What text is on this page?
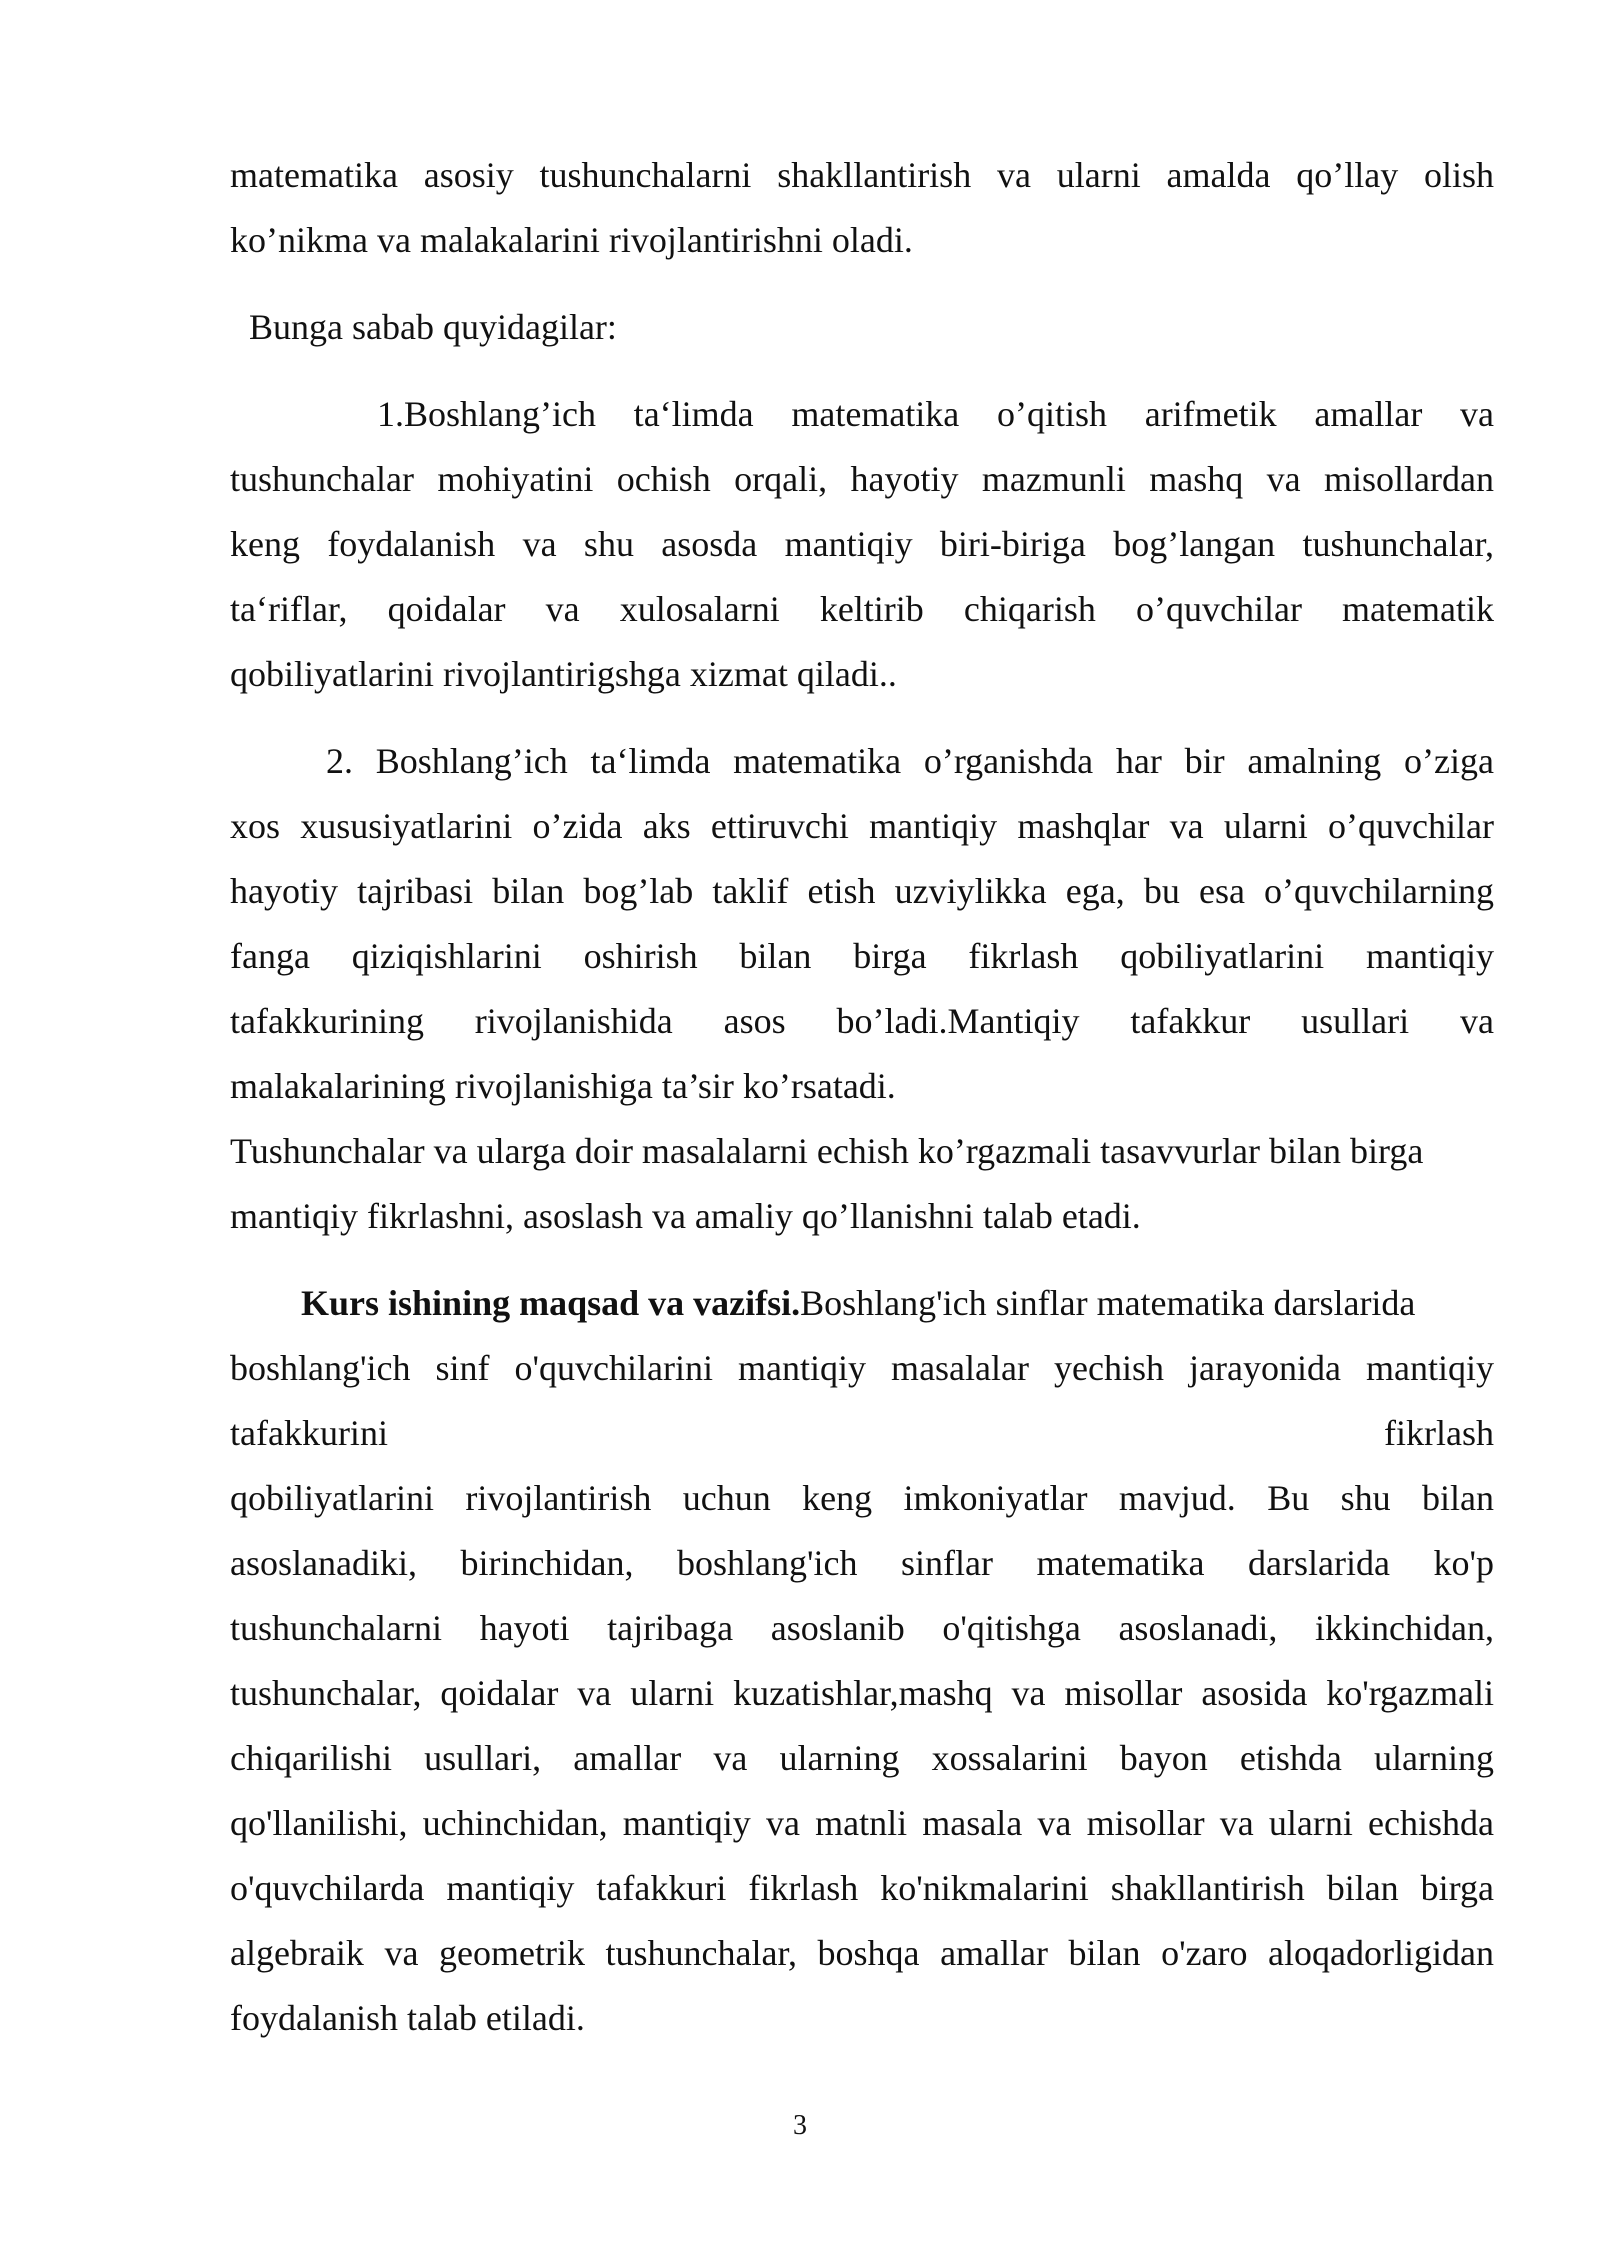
matematika asosiy tushunchalarni shakllantirish va ularni amalda qo’llay olish
ko’nikma va malakalarini rivojlantirishni oladi.
Bunga sabab quyidagilar:
1.Boshlang’ich ta‘limda matematika o’qitish arifmetik amallar va
tushunchalar mohiyatini ochish orqali, hayotiy mazmunli mashq va misollardan
keng foydalanish va shu asosda mantiqiy biri-biriga bog’langan tushunchalar,
ta‘riflar, qoidalar va xulosalarni keltirib chiqarish o’quvchilar matematik
qobiliyatlarini rivojlantirigshga xizmat qiladi..
2. Boshlang’ich ta‘limda matematika o’rganishda har bir amalning o’ziga
xos xususiyatlarini o’zida aks ettiruvchi mantiqiy mashqlar va ularni o’quvchilar
hayotiy tajribasi bilan bog’lab taklif etish uzviylikka ega, bu esa o’quvchilarning
fanga qiziqishlarini oshirish bilan birga fikrlash qobiliyatlarini mantiqiy
tafakkurining rivojlanishida asos bo’ladi.Mantiqiy tafakkur usullari va
malakalarining rivojlanishiga ta’sir ko’rsatadi.
Tushunchalar va ularga doir masalalarni echish ko’rgazmali tasavvurlar bilan birga
mantiqiy fikrlashni, asoslash va amaliy qo’llanishni talab etadi.
Kurs ishining maqsad va vazifsi.Boshlang'ich sinflar matematika darslarida
boshlang'ich sinf o'quvchilarini mantiqiy masalalar yechish jarayonida mantiqiy
tafakkurini	fikrlash
qobiliyatlarini rivojlantirish uchun keng imkoniyatlar mavjud. Bu shu bilan
asoslanadiki, birinchidan, boshlang'ich sinflar matematika darslarida ko'p
tushunchalarni hayoti tajribaga asoslanib o'qitishga asoslanadi, ikkinchidan,
tushunchalar, qoidalar va ularni kuzatishlar,mashq va misollar asosida ko'rgazmali
chiqarilishi usullari, amallar va ularning xossalarini bayon etishda ularning
qo'llanilishi, uchinchidan, mantiqiy va matnli masala va misollar va ularni echishda
o'quvchilarda mantiqiy tafakkuri fikrlash ko'nikmalarini shakllantirish bilan birga
algebraik va geometrik tushunchalar, boshqa amallar bilan o'zaro aloqadorligidan
foydalanish talab etiladi.
3
